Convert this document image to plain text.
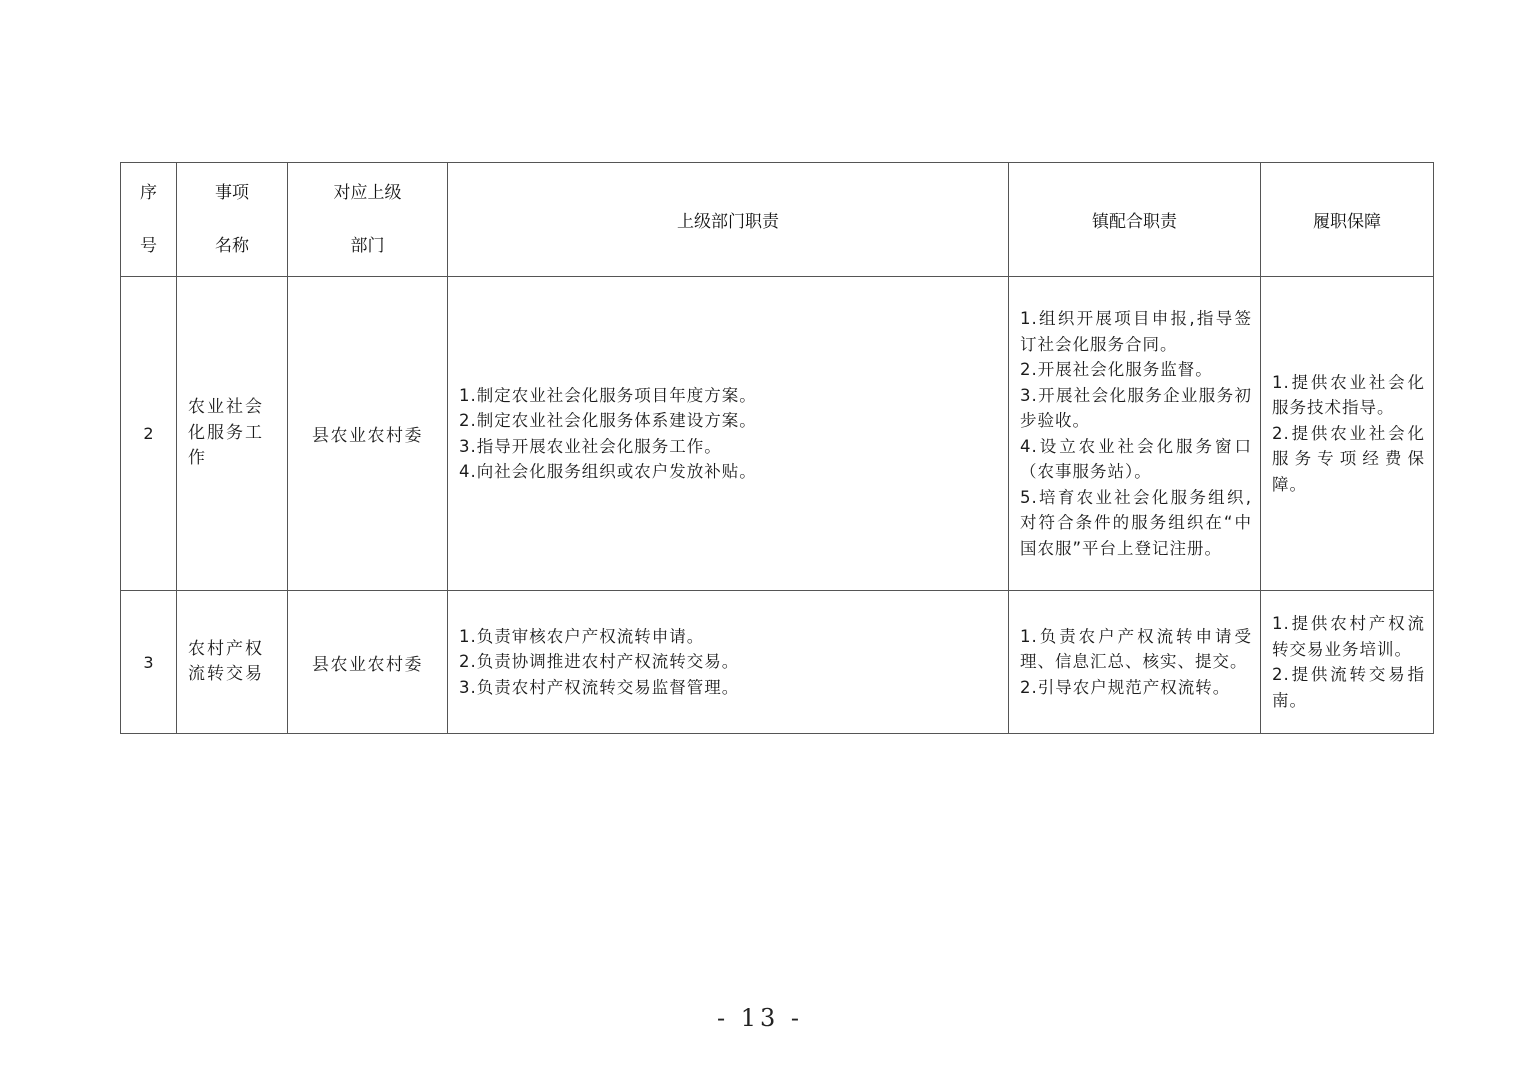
序
号	事项
名称	对应上级
部门	上级部门职责	镇配合职责	履职保障
2	农业社会化服务工作	县农业农村委	1.制定农业社会化服务项目年度方案。
2.制定农业社会化服务体系建设方案。
3.指导开展农业社会化服务工作。
4.向社会化服务组织或农户发放补贴。	1.组织开展项目申报,指导签订社会化服务合同。
2.开展社会化服务监督。
3.开展社会化服务企业服务初步验收。
4.设立农业社会化服务窗口（农事服务站）。
5.培育农业社会化服务组织,对符合条件的服务组织在“中国农服”平台上登记注册。	1.提供农业社会化服务技术指导。
2.提供农业社会化服务专项经费保障。

3	农村产权流转交易	县农业农村委	1.负责审核农户产权流转申请。
2.负责协调推进农村产权流转交易。
3.负责农村产权流转交易监督管理。	1.负责农户产权流转申请受理、信息汇总、核实、提交。
2.引导农户规范产权流转。	1.提供农村产权流转交易业务培训。
2.提供流转交易指南。
- 13 -
